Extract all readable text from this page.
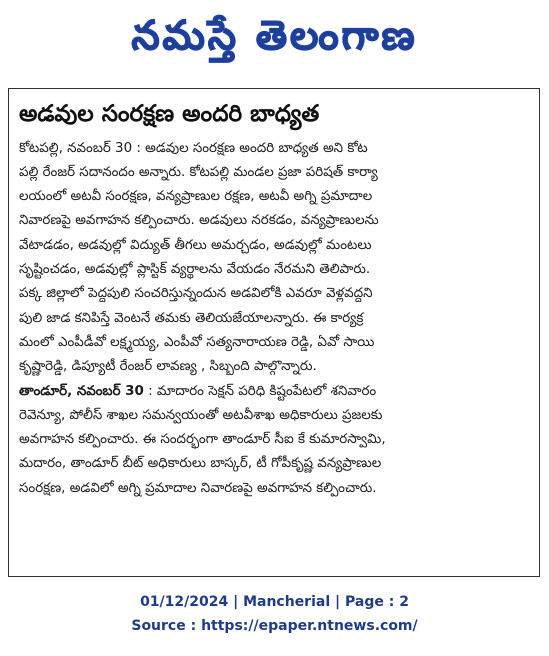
నమస్తే తెలంగాణ
అడవుల సంరక్షణ అందరి బాధ్యత
కోటపల్లి, నవంబర్ 30 : అడవుల సంరక్షణ అందరి బాధ్యత అని కోట
పల్లి రేంజర్ సదానందం అన్నారు. కోటపల్లి మండల ప్రజా పరిషత్ కార్యా
లయంలో అటవీ సంరక్షణ, వన్యప్రాణుల రక్షణ, అటవీ అగ్ని ప్రమాదాల
నివారణపై అవగాహన కల్పించారు. అడవులు నరకడం, వన్యప్రాణులను
వేటాడడం, అడవుల్లో విద్యుత్ తీగలు అమర్చడం, అడవుల్లో మంటలు
సృష్టించడం, అడవుల్లో ప్లాస్టిక్ వ్యర్థాలను వేయడం నేరమని తెలిపారు.
పక్క జిల్లాలో పెద్దపులి సంచరిస్తున్నందున అడవిలోకి ఎవరూ వెళ్లవద్దని
పులి జాడ కనిపిస్తే వెంటనే తమకు తెలియజేయాలన్నారు. ఈ కార్యక్ర
మంలో ఎంపీడీవో లక్ష్మయ్య, ఎంపీవో సత్యనారాయణ రెడ్డి, ఏవో సాయి
కృష్ణారెడ్డి, డిప్యూటీ రేంజర్ లావణ్య , సిబ్బంది పాల్గొన్నారు.
తాండూర్, నవంబర్ 30 : మాదారం సెక్షన్ పరిధి కిష్టంపేటలో శనివారం
రెవెన్యూ, పోలీస్ శాఖల సమన్వయంతో అటవీశాఖ అధికారులు ప్రజలకు
అవగాహన కల్పించారు. ఈ సందర్భంగా తాండూర్ సీఐ కే కుమారస్వామి,
మదారం, తాండూర్ బీట్ అధికారులు బాస్కర్, టీ గోపీకృష్ణ వన్యప్రాణుల
సంరక్షణ, అడవిలో అగ్ని ప్రమాదాల నివారణపై అవగాహన కల్పించారు.
01/12/2024 | Mancherial | Page : 2
Source : https://epaper.ntnews.com/
